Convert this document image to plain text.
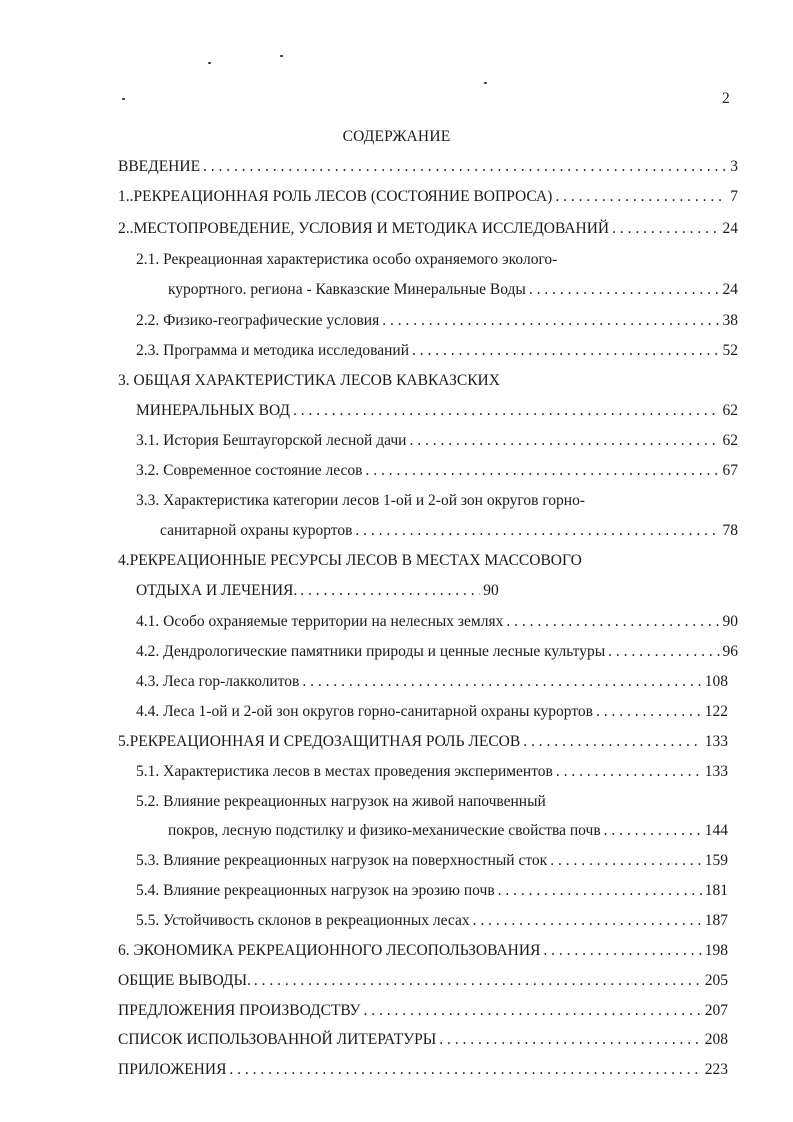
2
СОДЕРЖАНИЕ
ВВЕДЕНИЕ . . .	3
1..РЕКРЕАЦИОННАЯ РОЛЬ ЛЕСОВ (СОСТОЯНИЕ ВОПРОСА) . . .	7
2..МЕСТОПРОВЕДЕНИЕ, УСЛОВИЯ И МЕТОДИКА ИССЛЕДОВАНИЙ . . .	24
2.1. Рекреационная характеристика особо охраняемого эколого-
курортного. региона - Кавказские Минеральные Воды . . .	24
2.2. Физико-географические условия . . .	38
2.3. Программа и методика исследований . . .	52
3. ОБЩАЯ ХАРАКТЕРИСТИКА ЛЕСОВ КАВКАЗСКИХ
МИНЕРАЛЬНЫХ ВОД . . .	62
3.1. История Бештаугорской лесной дачи . . .	62
3.2. Современное состояние лесов . . .	67
3.3. Характеристика категории лесов 1-ой и 2-ой зон округов горно-
санитарной охраны курортов . . .	78
4.РЕКРЕАЦИОННЫЕ РЕСУРСЫ ЛЕСОВ В МЕСТАХ МАССОВОГО
ОТДЫХА И ЛЕЧЕНИЯ. . . .	90
4.1. Особо охраняемые территории на нелесных землях . . .	90
4.2. Дендрологические памятники природы и ценные лесные культуры . . .	96
4.3. Леса гор-лакколитов . . .	108
4.4. Леса 1-ой и 2-ой зон округов горно-санитарной охраны курортов . . .	122
5.РЕКРЕАЦИОННАЯ И СРЕДОЗАЩИТНАЯ РОЛЬ ЛЕСОВ . . .	133
5.1. Характеристика лесов в местах проведения экспериментов . . .	133
5.2. Влияние рекреационных нагрузок на живой напочвенный
покров, лесную подстилку и физико-механические свойства почв . . .	144
5.3. Влияние рекреационных нагрузок на поверхностный сток . . .	159
5.4. Влияние рекреационных нагрузок на эрозию почв . . .	181
5.5. Устойчивость склонов в рекреационных лесах . . .	187
6. ЭКОНОМИКА РЕКРЕАЦИОННОГО ЛЕСОПОЛЬЗОВАНИЯ . . .	198
ОБЩИЕ ВЫВОДЫ. . . .	205
ПРЕДЛОЖЕНИЯ ПРОИЗВОДСТВУ . . .	207
СПИСОК ИСПОЛЬЗОВАННОЙ ЛИТЕРАТУРЫ . . .	208
ПРИЛОЖЕНИЯ . . .	223
